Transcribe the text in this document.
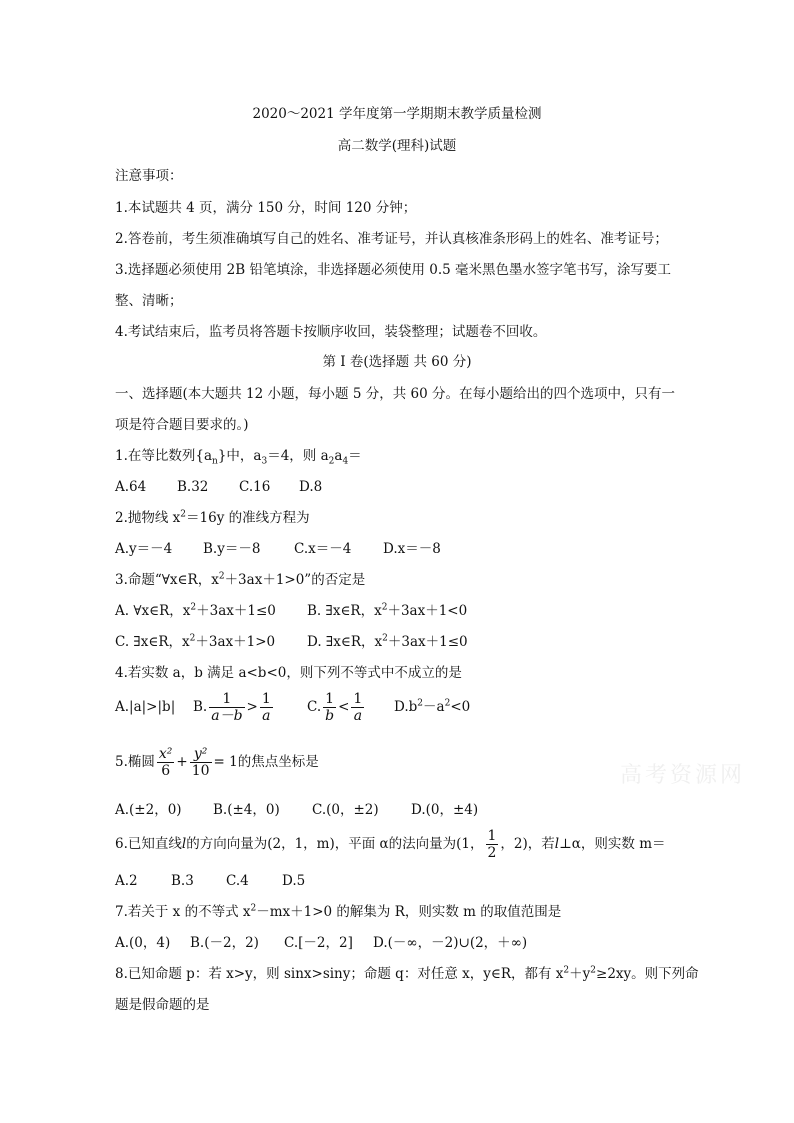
2020～2021 学年度第一学期期末教学质量检测
高二数学(理科)试题
注意事项：
1.本试题共 4 页，满分 150 分，时间 120 分钟；
2.答卷前，考生须准确填写自己的姓名、准考证号，并认真核准条形码上的姓名、准考证号；
3.选择题必须使用 2B 铅笔填涂，非选择题必须使用 0.5 毫米黑色墨水签字笔书写，涂写要工
整、清晰；
4.考试结束后，监考员将答题卡按顺序收回，装袋整理；试题卷不回收。
第 I 卷(选择题 共 60 分)
一、选择题(本大题共 12 小题，每小题 5 分，共 60 分。在每小题给出的四个选项中，只有一
项是符合题目要求的。)
1.在等比数列$\{a_n\}$中，$a_3=4$，则 $a_2a_4=$
A.64 B.32 C.16 D.8
2.抛物线 $x^2=16y$ 的准线方程为
A.y＝－4 B.y＝－8 C.x＝－4 D.x＝－8
3.命题“∀x∈R，$x^2+3ax+1>0$”的否定是
A. ∀x∈R，$x^2+3ax+1\le 0$ B. ∃x∈R，$x^2+3ax+1<0$
C. ∃x∈R，$x^2+3ax+1>0$ D. ∃x∈R，$x^2+3ax+1\le 0$
4.若实数 a，b 满足 a<b<0，则下列不等式中不成立的是
A.|a|>|b| B. $\frac{1}{a-b} > \frac{1}{a}$	C. $\frac{1}{b} < \frac{1}{a} D.b^2-a^2<0$
5.椭圆 $\frac{\text{x²}}{6} + \frac{\text{y²}}{10} = 1$的焦点坐标是
A.(±2，0) B.(±4，0) C.(0，±2) D.(0，±4)
6.已知直线l的方向向量为(2，1，m)，平面 α的法向量为(1， $\frac{1}{2}$ ，2)，若l⊥α，则实数 m＝
A.2 B.3 C.4 D.5
7.若关于 x 的不等式 $x^2-mx+1>0$ 的解集为 R，则实数 m 的取值范围是
A.(0，4) B.(－2，2) C.[－2，2] D.(－∞，－2)∪(2，＋∞)
8.已知命题 p：若 x>y，则 sinx>siny；命题 q：对任意 x，y∈R，都有 $x^2+y^2\ge 2xy$。则下列命
题是假命题的是
高考资源网
